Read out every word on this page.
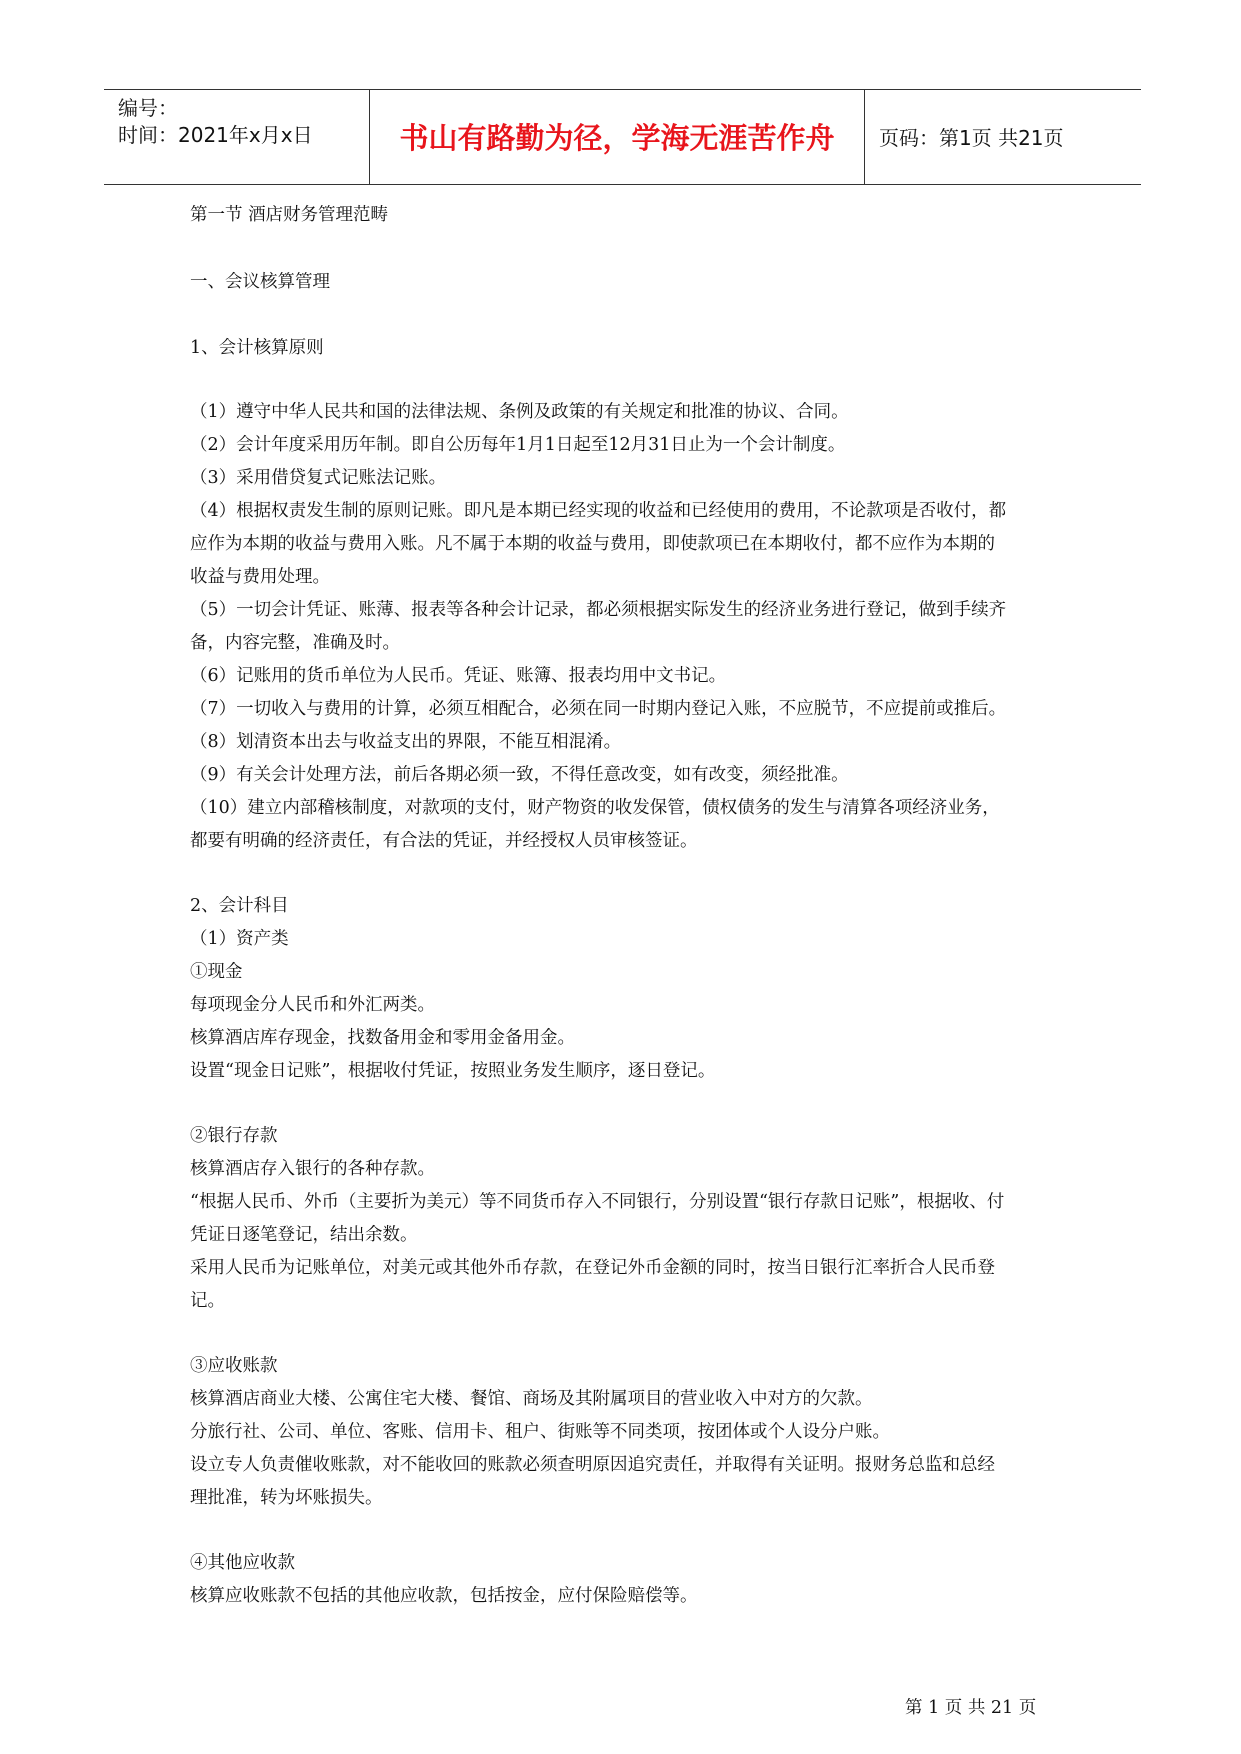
编号：
时间：2021年x月x日	书山有路勤为径，学海无涯苦作舟	页码：第1页 共21页
第一节 酒店财务管理范畴
一、会议核算管理
1、会计核算原则
（1）遵守中华人民共和国的法律法规、条例及政策的有关规定和批准的协议、合同。
（2）会计年度采用历年制。即自公历每年1月1日起至12月31日止为一个会计制度。
（3）采用借贷复式记账法记账。
（4）根据权责发生制的原则记账。即凡是本期已经实现的收益和已经使用的费用，不论款项是否收付，都
应作为本期的收益与费用入账。凡不属于本期的收益与费用，即使款项已在本期收付，都不应作为本期的
收益与费用处理。
（5）一切会计凭证、账薄、报表等各种会计记录，都必须根据实际发生的经济业务进行登记，做到手续齐
备，内容完整，准确及时。
（6）记账用的货币单位为人民币。凭证、账簿、报表均用中文书记。
（7）一切收入与费用的计算，必须互相配合，必须在同一时期内登记入账，不应脱节，不应提前或推后。
（8）划清资本出去与收益支出的界限，不能互相混淆。
（9）有关会计处理方法，前后各期必须一致，不得任意改变，如有改变，须经批准。
（10）建立内部稽核制度，对款项的支付，财产物资的收发保管，债权债务的发生与清算各项经济业务，
都要有明确的经济责任，有合法的凭证，并经授权人员审核签证。
2、会计科目
（1）资产类
①现金
每项现金分人民币和外汇两类。
核算酒店库存现金，找数备用金和零用金备用金。
设置“现金日记账”，根据收付凭证，按照业务发生顺序，逐日登记。
②银行存款
核算酒店存入银行的各种存款。
“根据人民币、外币（主要折为美元）等不同货币存入不同银行，分别设置“银行存款日记账”，根据收、付
凭证日逐笔登记，结出余数。
采用人民币为记账单位，对美元或其他外币存款，在登记外币金额的同时，按当日银行汇率折合人民币登
记。
③应收账款
核算酒店商业大楼、公寓住宅大楼、餐馆、商场及其附属项目的营业收入中对方的欠款。
分旅行社、公司、单位、客账、信用卡、租户、街账等不同类项，按团体或个人设分户账。
设立专人负责催收账款，对不能收回的账款必须查明原因追究责任，并取得有关证明。报财务总监和总经
理批准，转为坏账损失。
④其他应收款
核算应收账款不包括的其他应收款，包括按金，应付保险赔偿等。
第 1 页 共 21 页
